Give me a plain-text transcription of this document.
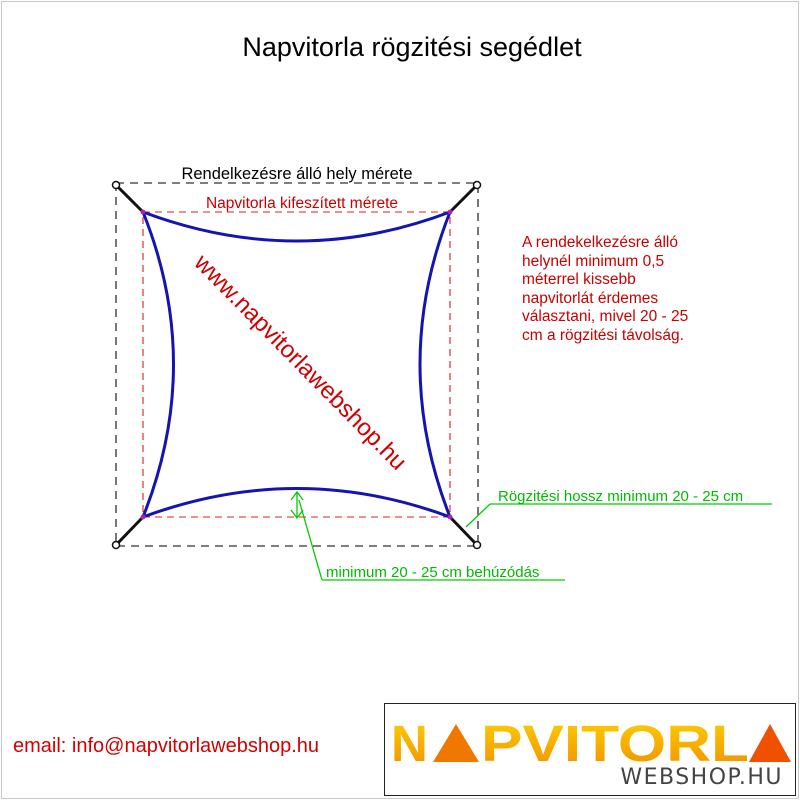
Napvitorla rögzitési segédlet
Rendelkezésre álló hely mérete
Napvitorla kifeszített mérete
www.napvitorlawebshop.hu
minimum 20 - 25 cm behúzódás
Rögzitési hossz minimum 20 - 25 cm
A rendekelkezésre álló
helynél minimum 0,5
méterrel kissebb
napvitorlát érdemes
választani, mivel 20 - 25
cm a rögzitési távolság.
email: info@napvitorlawebshop.hu N PVITORL
WEBSHOP.HU
